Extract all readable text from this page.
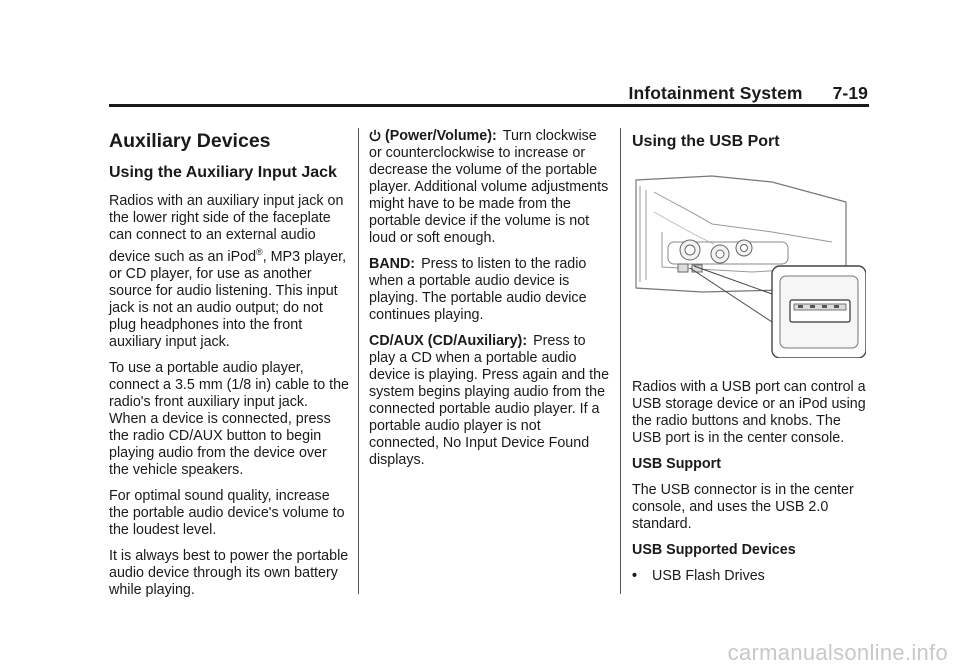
Infotainment System 7-19
Auxiliary Devices
Using the Auxiliary Input Jack

Radios with an auxiliary input jack on the lower right side of the faceplate can connect to an external audio device such as an iPod®, MP3 player, or CD player, for use as another source for audio listening. This input jack is not an audio output; do not plug headphones into the front auxiliary input jack.

To use a portable audio player, connect a 3.5 mm (1/8 in) cable to the radio's front auxiliary input jack. When a device is connected, press the radio CD/AUX button to begin playing audio from the device over the vehicle speakers.

For optimal sound quality, increase the portable audio device's volume to the loudest level.

It is always best to power the portable audio device through its own battery while playing.

(Power/Volume): Turn clockwise or counterclockwise to increase or decrease the volume of the portable player. Additional volume adjustments might have to be made from the portable device if the volume is not loud or soft enough.

BAND: Press to listen to the radio when a portable audio device is playing. The portable audio device continues playing.

CD/AUX (CD/Auxiliary): Press to play a CD when a portable audio device is playing. Press again and the system begins playing audio from the connected portable audio player. If a portable audio player is not connected, No Input Device Found displays.

Using the USB Port

Radios with a USB port can control a USB storage device or an iPod using the radio buttons and knobs. The USB port is in the center console.

USB Support

The USB connector is in the center console, and uses the USB 2.0 standard.

USB Supported Devices

•	USB Flash Drives
carmanualsonline.info
